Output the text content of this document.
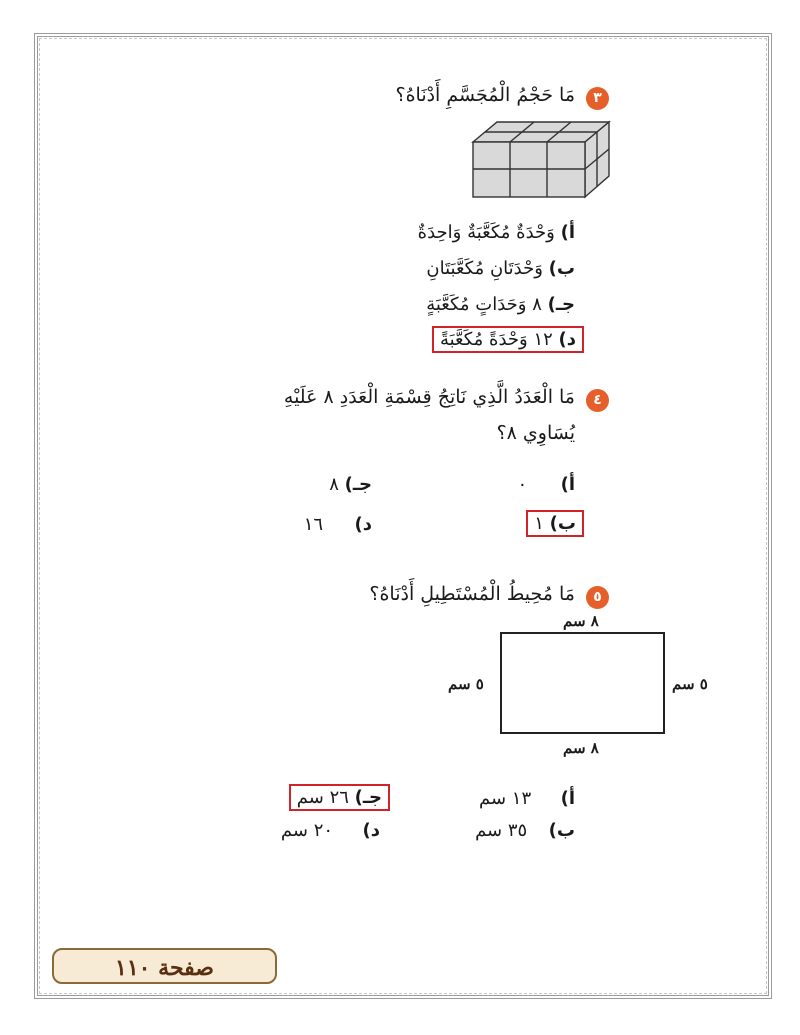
٣
مَا حَجْمُ الْمُجَسَّمِ أَدْنَاهُ؟
أ) وَحْدَةٌ مُكَعَّبَةٌ وَاحِدَةٌ
ب) وَحْدَتَانِ مُكَعَّبَتَانِ
جـ) ٨ وَحَدَاتٍ مُكَعَّبَةٍ
د) ١٢ وَحْدَةً مُكَعَّبَةً
٤
مَا الْعَدَدُ الَّذِي نَاتِجُ قِسْمَةِ الْعَدَدِ ٨ عَلَيْهِ
يُسَاوِي ٨؟
أ)  ٠
جـ) ٨
ب) ١
د)  ١٦
٥
مَا مُحِيطُ الْمُسْتَطِيلِ أَدْنَاهُ؟
٨ سم
٥ سم	٥ سم
٨ سم
أ)  ١٣ سم
جـ) ٢٦ سم
ب)  ٣٥ سم
د)  ٢٠ سم
صفحة ١١٠
